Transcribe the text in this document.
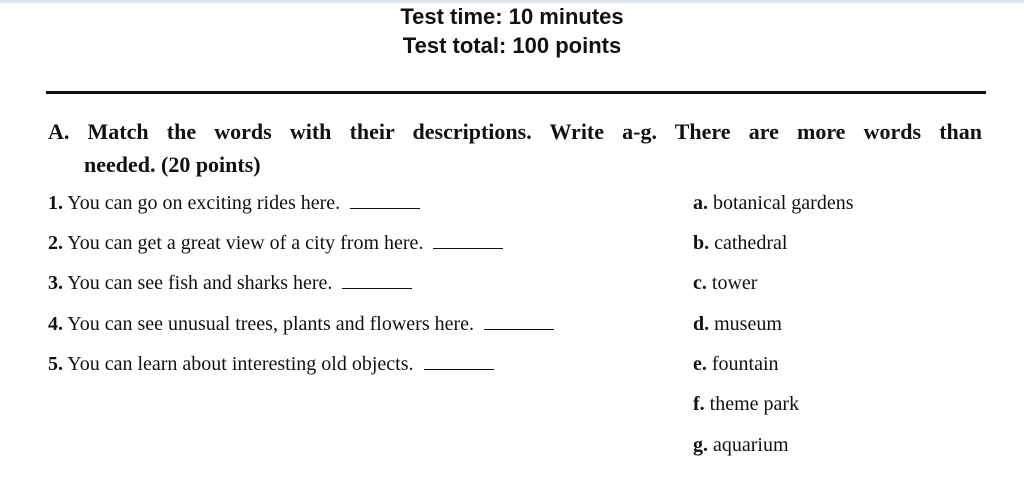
Test time: 10 minutes
Test total: 100 points
A. Match the words with their descriptions. Write a-g. There are more words than
needed. (20 points)
1. You can go on exciting rides here.
2. You can get a great view of a city from here.
3. You can see fish and sharks here.
4. You can see unusual trees, plants and flowers here.
5. You can learn about interesting old objects.
a. botanical gardens
b. cathedral
c. tower
d. museum
e. fountain
f. theme park
g. aquarium
